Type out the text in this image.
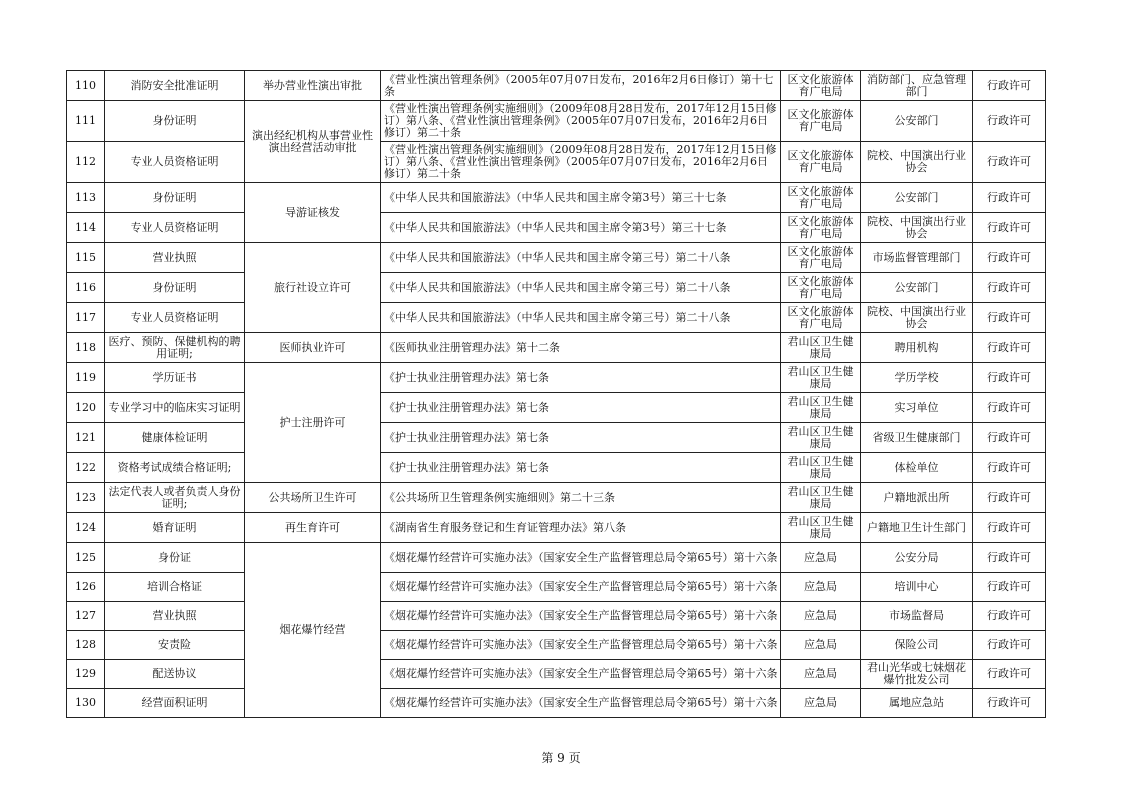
110	消防安全批准证明	举办营业性演出审批	《营业性演出管理条例》（2005年07月07日发布，2016年2月6日修订）第十七条	区文化旅游体育广电局	消防部门、应急管理部门	行政许可
111	身份证明	演出经纪机构从事营业性演出经营活动审批	《营业性演出管理条例实施细则》（2009年08月28日发布，2017年12月15日修订）第八条、《营业性演出管理条例》（2005年07月07日发布，2016年2月6日修订）第二十条	区文化旅游体育广电局	公安部门	行政许可
112	专业人员资格证明		《营业性演出管理条例实施细则》（2009年08月28日发布，2017年12月15日修订）第八条、《营业性演出管理条例》（2005年07月07日发布，2016年2月6日修订）第二十条	区文化旅游体育广电局	院校、中国演出行业协会	行政许可
113	身份证明	导游证核发	《中华人民共和国旅游法》（中华人民共和国主席令第3号）第三十七条	区文化旅游体育广电局	公安部门	行政许可
114	专业人员资格证明		《中华人民共和国旅游法》（中华人民共和国主席令第3号）第三十七条	区文化旅游体育广电局	院校、中国演出行业协会	行政许可
115	营业执照	旅行社设立许可	《中华人民共和国旅游法》（中华人民共和国主席令第三号）第二十八条	区文化旅游体育广电局	市场监督管理部门	行政许可
116	身份证明		《中华人民共和国旅游法》（中华人民共和国主席令第三号）第二十八条	区文化旅游体育广电局	公安部门	行政许可
117	专业人员资格证明		《中华人民共和国旅游法》（中华人民共和国主席令第三号）第二十八条	区文化旅游体育广电局	院校、中国演出行业协会	行政许可
118	医疗、预防、保健机构的聘用证明;	医师执业许可	《医师执业注册管理办法》第十二条	君山区卫生健康局	聘用机构	行政许可
119	学历证书	护士注册许可	《护士执业注册管理办法》第七条	君山区卫生健康局	学历学校	行政许可
120	专业学习中的临床实习证明		《护士执业注册管理办法》第七条	君山区卫生健康局	实习单位	行政许可
121	健康体检证明		《护士执业注册管理办法》第七条	君山区卫生健康局	省级卫生健康部门	行政许可
122	资格考试成绩合格证明;		《护士执业注册管理办法》第七条	君山区卫生健康局	体检单位	行政许可
123	法定代表人或者负责人身份证明;	公共场所卫生许可	《公共场所卫生管理条例实施细则》第二十三条	君山区卫生健康局	户籍地派出所	行政许可
124	婚育证明	再生育许可	《湖南省生育服务登记和生育证管理办法》第八条	君山区卫生健康局	户籍地卫生计生部门	行政许可
125	身份证	烟花爆竹经营	《烟花爆竹经营许可实施办法》（国家安全生产监督管理总局令第65号）第十六条	应急局	公安分局	行政许可
126	培训合格证		《烟花爆竹经营许可实施办法》（国家安全生产监督管理总局令第65号）第十六条	应急局	培训中心	行政许可
127	营业执照		《烟花爆竹经营许可实施办法》（国家安全生产监督管理总局令第65号）第十六条	应急局	市场监督局	行政许可
128	安责险		《烟花爆竹经营许可实施办法》（国家安全生产监督管理总局令第65号）第十六条	应急局	保险公司	行政许可
129	配送协议		《烟花爆竹经营许可实施办法》（国家安全生产监督管理总局令第65号）第十六条	应急局	君山光华或七妹烟花爆竹批发公司	行政许可
130	经营面积证明		《烟花爆竹经营许可实施办法》（国家安全生产监督管理总局令第65号）第十六条	应急局	属地应急站	行政许可
第 9 页
